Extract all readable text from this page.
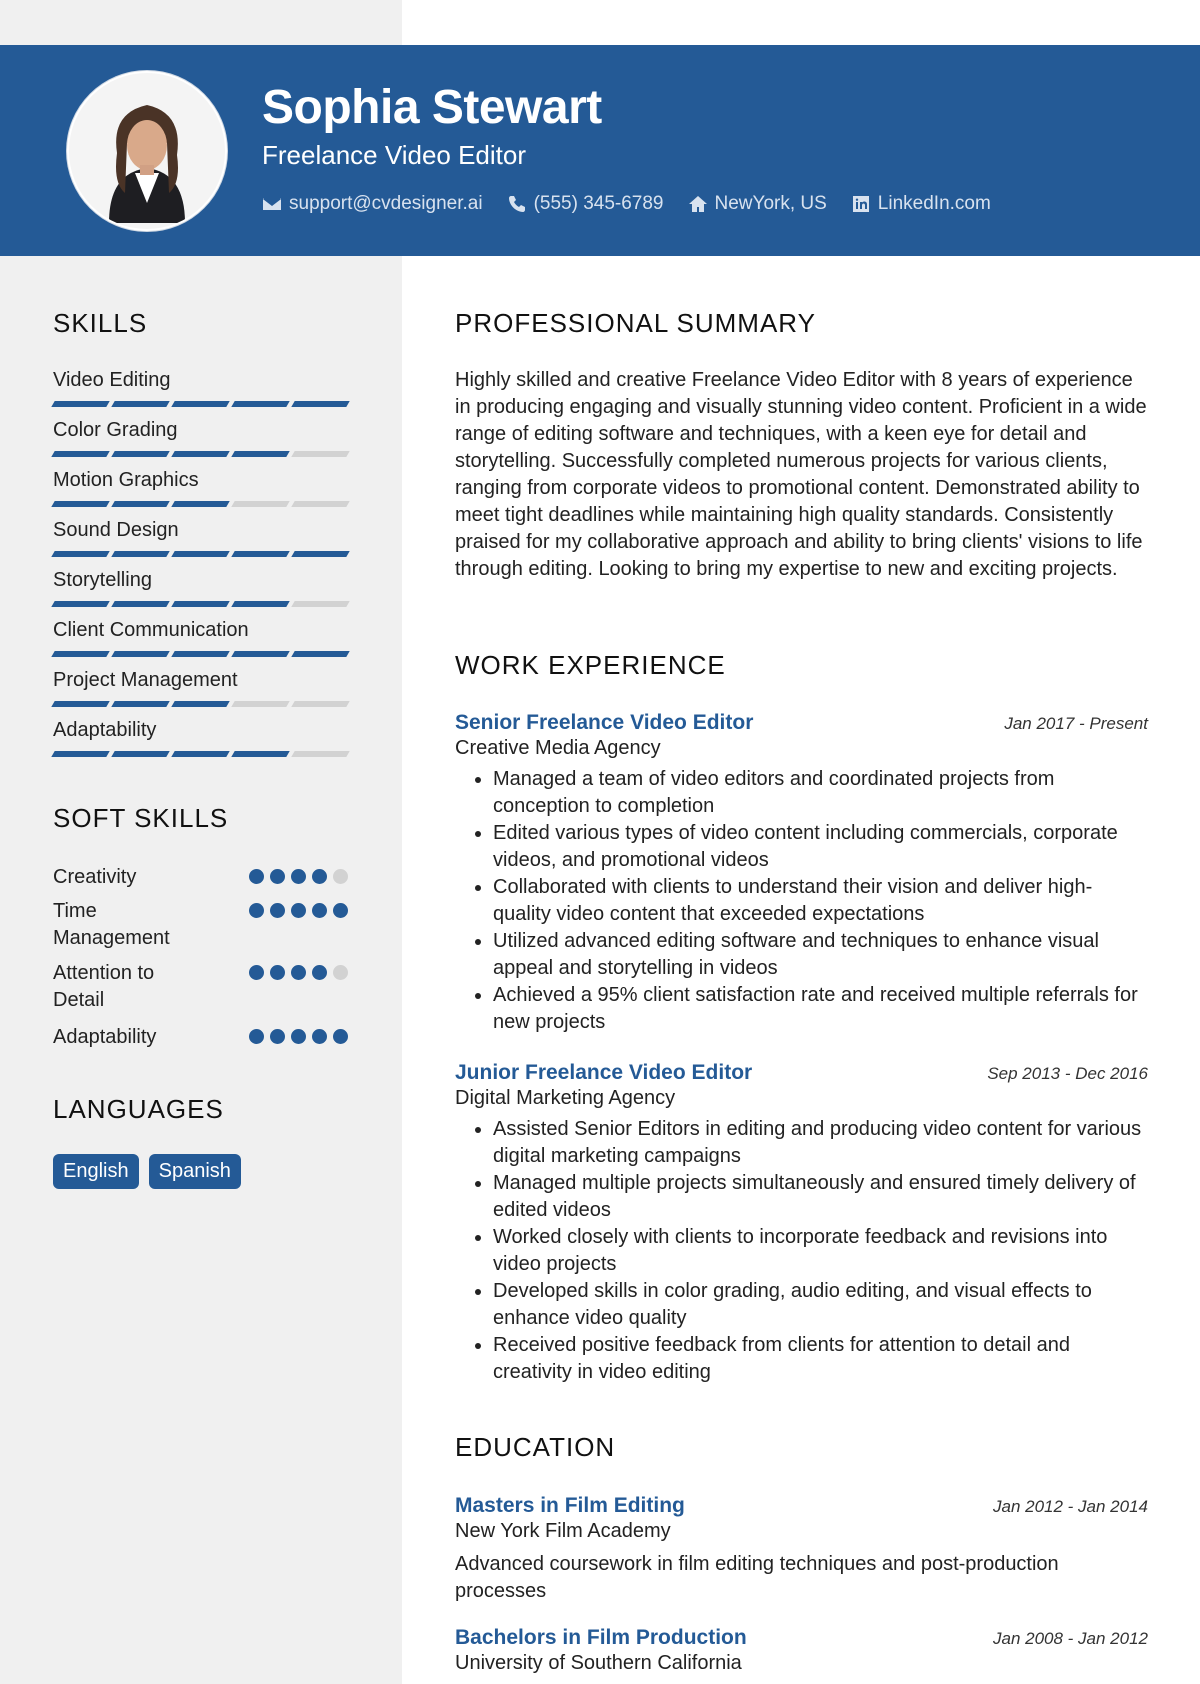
Sophia Stewart
Freelance Video Editor
support@cvdesigner.ai	(555) 345-6789	NewYork, US	LinkedIn.com
SKILLS
Video Editing
Color Grading
Motion Graphics
Sound Design
Storytelling
Client Communication
Project Management
Adaptability
SOFT SKILLS
Creativity
Time Management
Attention to Detail
Adaptability
LANGUAGES
English	Spanish
PROFESSIONAL SUMMARY

Highly skilled and creative Freelance Video Editor with 8 years of experience in producing engaging and visually stunning video content. Proficient in a wide range of editing software and techniques, with a keen eye for detail and storytelling. Successfully completed numerous projects for various clients, ranging from corporate videos to promotional content. Demonstrated ability to meet tight deadlines while maintaining high quality standards. Consistently praised for my collaborative approach and ability to bring clients' visions to life through editing. Looking to bring my expertise to new and exciting projects.

WORK EXPERIENCE
Senior Freelance Video Editor	Jan 2017 - Present
Creative Media Agency
• Managed a team of video editors and coordinated projects from conception to completion
• Edited various types of video content including commercials, corporate videos, and promotional videos
• Collaborated with clients to understand their vision and deliver high-quality video content that exceeded expectations
• Utilized advanced editing software and techniques to enhance visual appeal and storytelling in videos
• Achieved a 95% client satisfaction rate and received multiple referrals for new projects
Junior Freelance Video Editor	Sep 2013 - Dec 2016
Digital Marketing Agency
• Assisted Senior Editors in editing and producing video content for various digital marketing campaigns
• Managed multiple projects simultaneously and ensured timely delivery of edited videos
• Worked closely with clients to incorporate feedback and revisions into video projects
• Developed skills in color grading, audio editing, and visual effects to enhance video quality
• Received positive feedback from clients for attention to detail and creativity in video editing
EDUCATION
Masters in Film Editing	Jan 2012 - Jan 2014
New York Film Academy
Advanced coursework in film editing techniques and post-production processes
Bachelors in Film Production	Jan 2008 - Jan 2012
University of Southern California
